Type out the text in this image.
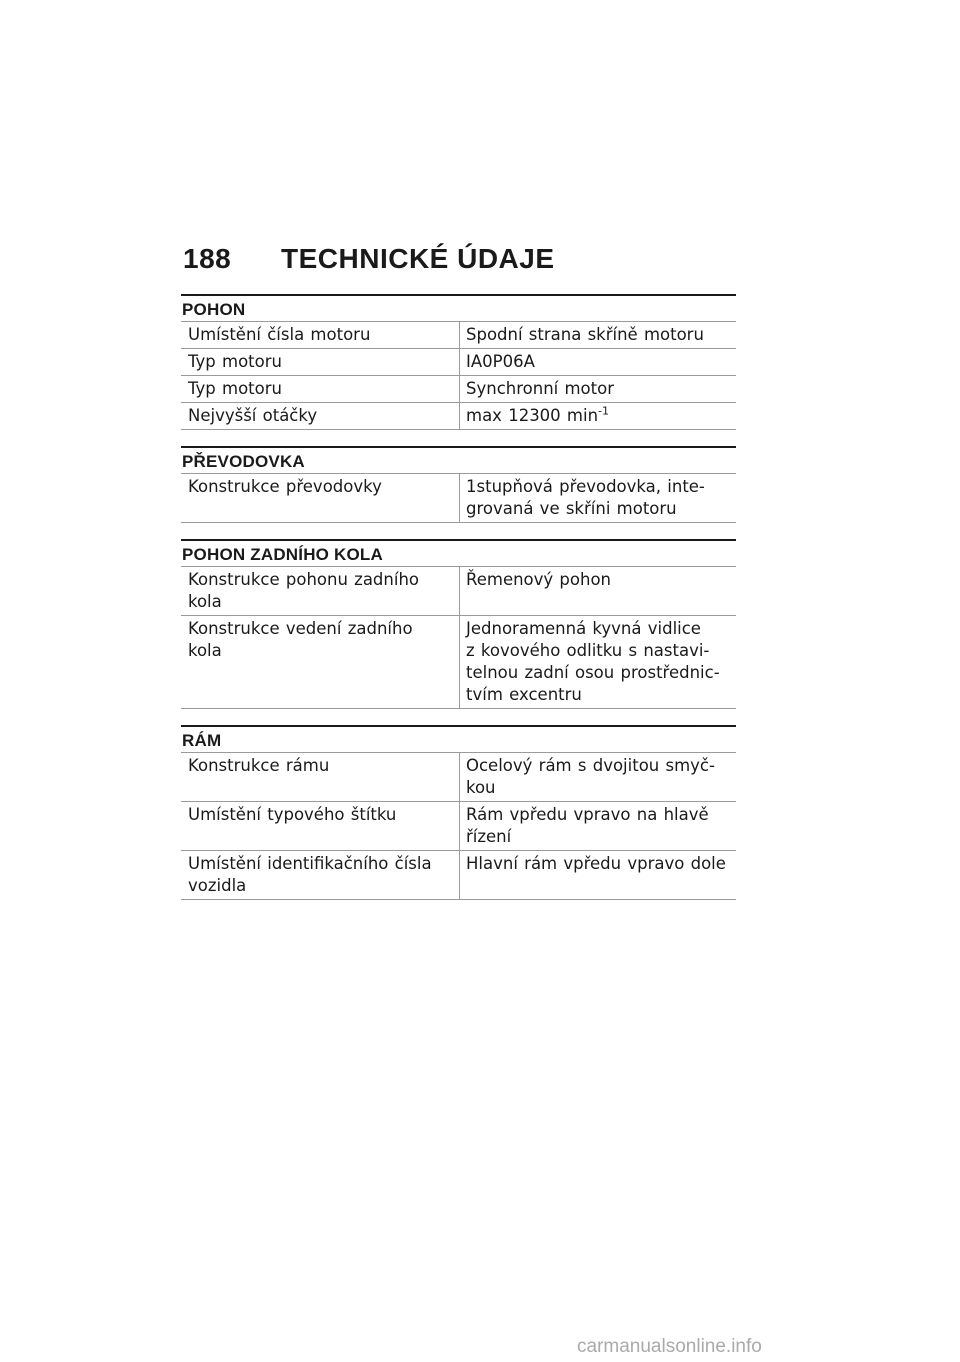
188 TECHNICKÉ ÚDAJE
POHON
Umístění čísla motoru	Spodní strana skříně motoru
Typ motoru	IA0P06A
Typ motoru	Synchronní motor
Nejvyšší otáčky	max 12300 $\min^{-1}$
PŘEVODOVKA
Konstrukce převodovky	1stupňová převodovka, inte-
grovaná ve skříni motoru
POHON ZADNÍHO KOLA
Konstrukce pohonu zadního
kola	Řemenový pohon
Konstrukce vedení zadního
kola	Jednoramenná kyvná vidlice
z kovového odlitku s nastavi-
telnou zadní osou prostřednic-
tvím excentru
RÁM
Konstrukce rámu	Ocelový rám s dvojitou smyč-
kou
Umístění typového štítku	Rám vpředu vpravo na hlavě
řízení
Umístění identifikačního čísla
vozidla	Hlavní rám vpředu vpravo dole
carmanualsonline.info
